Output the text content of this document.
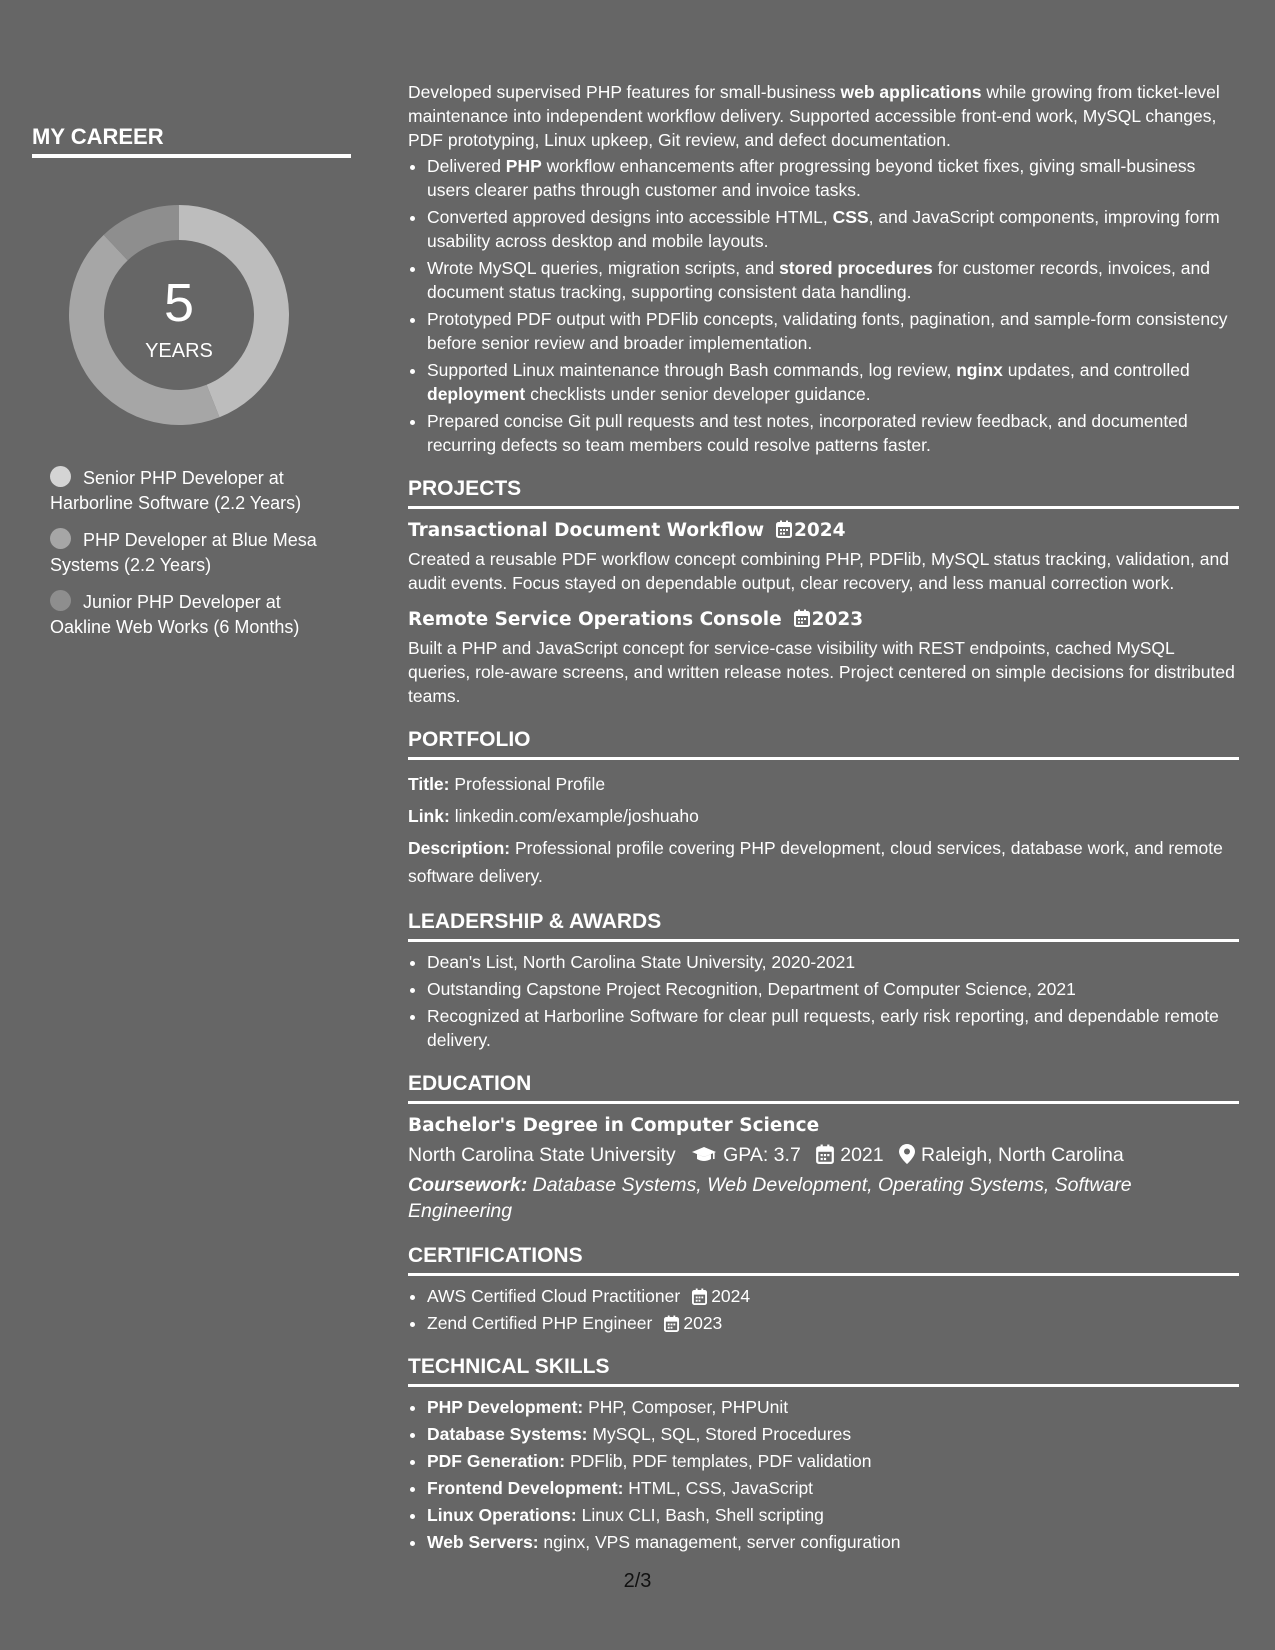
MY CAREER
5
YEARS
Senior PHP Developer at Harborline Software (2.2 Years)
PHP Developer at Blue Mesa Systems (2.2 Years)
Junior PHP Developer at Oakline Web Works (6 Months)

Developed supervised PHP features for small-business web applications while growing from ticket-level maintenance into independent workflow delivery. Supported accessible front-end work, MySQL changes, PDF prototyping, Linux upkeep, Git review, and defect documentation.

• Delivered PHP workflow enhancements after progressing beyond ticket fixes, giving small-business users clearer paths through customer and invoice tasks.
• Converted approved designs into accessible HTML, CSS, and JavaScript components, improving form usability across desktop and mobile layouts.
• Wrote MySQL queries, migration scripts, and stored procedures for customer records, invoices, and document status tracking, supporting consistent data handling.
• Prototyped PDF output with PDFlib concepts, validating fonts, pagination, and sample-form consistency before senior review and broader implementation.
• Supported Linux maintenance through Bash commands, log review, nginx updates, and controlled deployment checklists under senior developer guidance.
• Prepared concise Git pull requests and test notes, incorporated review feedback, and documented recurring defects so team members could resolve patterns faster.
PROJECTS

Transactional Document Workflow 2024

Created a reusable PDF workflow concept combining PHP, PDFlib, MySQL status tracking, validation, and audit events. Focus stayed on dependable output, clear recovery, and less manual correction work.

Remote Service Operations Console 2023

Built a PHP and JavaScript concept for service-case visibility with REST endpoints, cached MySQL queries, role-aware screens, and written release notes. Project centered on simple decisions for distributed teams.

PORTFOLIO

Title: Professional Profile

Link: linkedin.com/example/joshuaho

Description: Professional profile covering PHP development, cloud services, database work, and remote software delivery.

LEADERSHIP & AWARDS
• Dean's List, North Carolina State University, 2020-2021
• Outstanding Capstone Project Recognition, Department of Computer Science, 2021
• Recognized at Harborline Software for clear pull requests, early risk reporting, and dependable remote delivery.
EDUCATION

Bachelor's Degree in Computer Science

North Carolina State University GPA: 3.7 2021 Raleigh, North Carolina

Coursework: Database Systems, Web Development, Operating Systems, Software Engineering

CERTIFICATIONS
• AWS Certified Cloud Practitioner 2024
• Zend Certified PHP Engineer 2023
TECHNICAL SKILLS
• PHP Development: PHP, Composer, PHPUnit
• Database Systems: MySQL, SQL, Stored Procedures
• PDF Generation: PDFlib, PDF templates, PDF validation
• Frontend Development: HTML, CSS, JavaScript
• Linux Operations: Linux CLI, Bash, Shell scripting
• Web Servers: nginx, VPS management, server configuration
2/3
